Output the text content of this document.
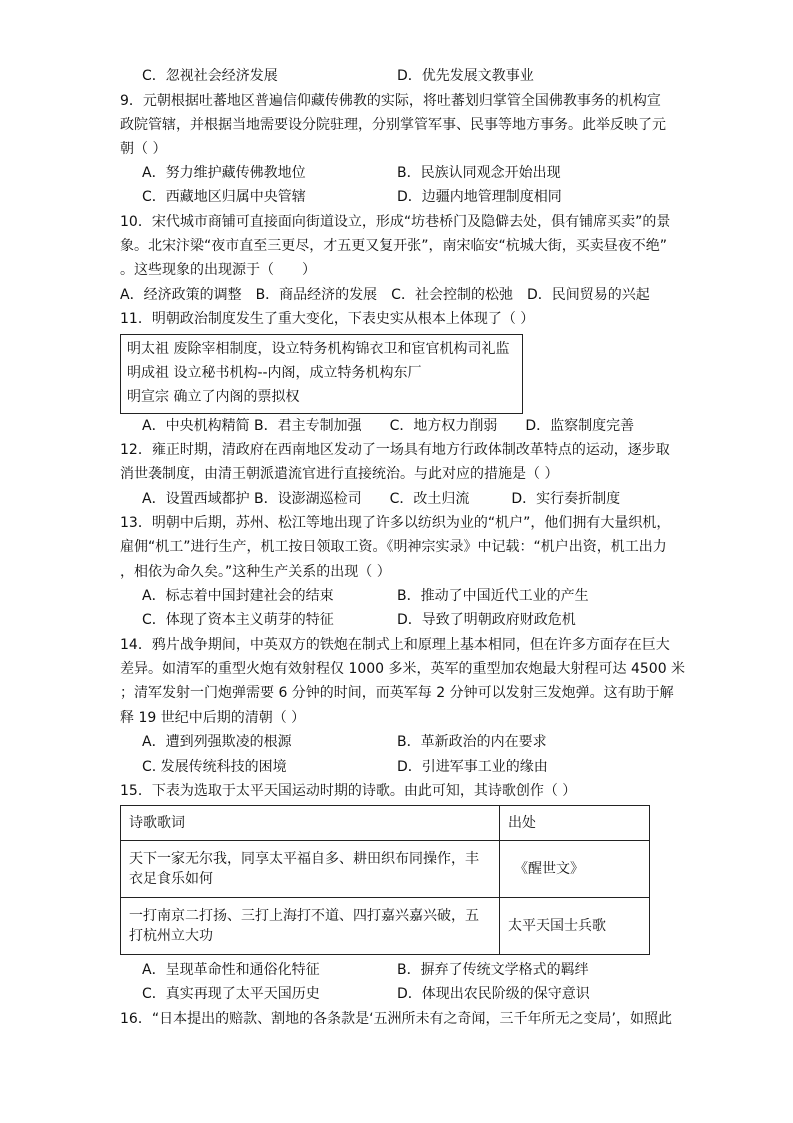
C．忽视社会经济发展	D．优先发展文教事业
9．元朝根据吐蕃地区普遍信仰藏传佛教的实际，将吐蕃划归掌管全国佛教事务的机构宣
政院管辖，并根据当地需要设分院驻理，分别掌管军事、民事等地方事务。此举反映了元
朝（ ）
A．努力维护藏传佛教地位	B．民族认同观念开始出现
C．西藏地区归属中央管辖	D．边疆内地管理制度相同
10．宋代城市商铺可直接面向街道设立，形成“坊巷桥门及隐僻去处，俱有铺席买卖”的景
象。北宋汴梁“夜市直至三更尽，才五更又复开张”，南宋临安“杭城大街，买卖昼夜不绝”
。这些现象的出现源于（　　）
A．经济政策的调整　B．商品经济的发展　C．社会控制的松弛　D．民间贸易的兴起
11．明朝政治制度发生了重大变化，下表史实从根本上体现了（ ）
明太祖 废除宰相制度，设立特务机构锦衣卫和宦官机构司礼监
明成祖 设立秘书机构--内阁，成立特务机构东厂
明宣宗 确立了内阁的票拟权
A．中央机构精简 B．君主专制加强　　C．地方权力削弱　　D．监察制度完善
12．雍正时期，清政府在西南地区发动了一场具有地方行政体制改革特点的运动，逐步取
消世袭制度，由清王朝派遣流官进行直接统治。与此对应的措施是（ ）
A．设置西域都护 B．设澎湖巡检司　　C．改土归流　　　D．实行奏折制度
13．明朝中后期，苏州、松江等地出现了许多以纺织为业的“机户”，他们拥有大量织机，
雇佣“机工”进行生产，机工按日领取工资。《明神宗实录》中记载：“机户出资，机工出力
，相依为命久矣。”这种生产关系的出现（ ）
A．标志着中国封建社会的结束	B．推动了中国近代工业的产生
C．体现了资本主义萌芽的特征	D．导致了明朝政府财政危机
14．鸦片战争期间，中英双方的铁炮在制式上和原理上基本相同，但在许多方面存在巨大
差异。如清军的重型火炮有效射程仅 1000 多米，英军的重型加农炮最大射程可达 4500 米
；清军发射一门炮弹需要 6 分钟的时间，而英军每 2 分钟可以发射三发炮弹。这有助于解
释 19 世纪中后期的清朝（ ）
A．遭到列强欺凌的根源	B．革新政治的内在要求
C. 发展传统科技的困境	D．引进军事工业的缘由
15．下表为选取于太平天国运动时期的诗歌。由此可知，其诗歌创作（ ）
诗歌歌词	出处

天下一家无尔我，同享太平福自多、耕田织布同操作，丰
衣足食乐如何	《醒世文》

一打南京二打扬、三打上海打不道、四打嘉兴嘉兴破，五
打杭州立大功	太平天国士兵歌
A．呈现革命性和通俗化特征	B．摒弃了传统文学格式的羁绊
C．真实再现了太平天国历史	D．体现出农民阶级的保守意识
16．“日本提出的赔款、割地的各条款是‘五洲所未有之奇闻，三千年所无之变局’，如照此
